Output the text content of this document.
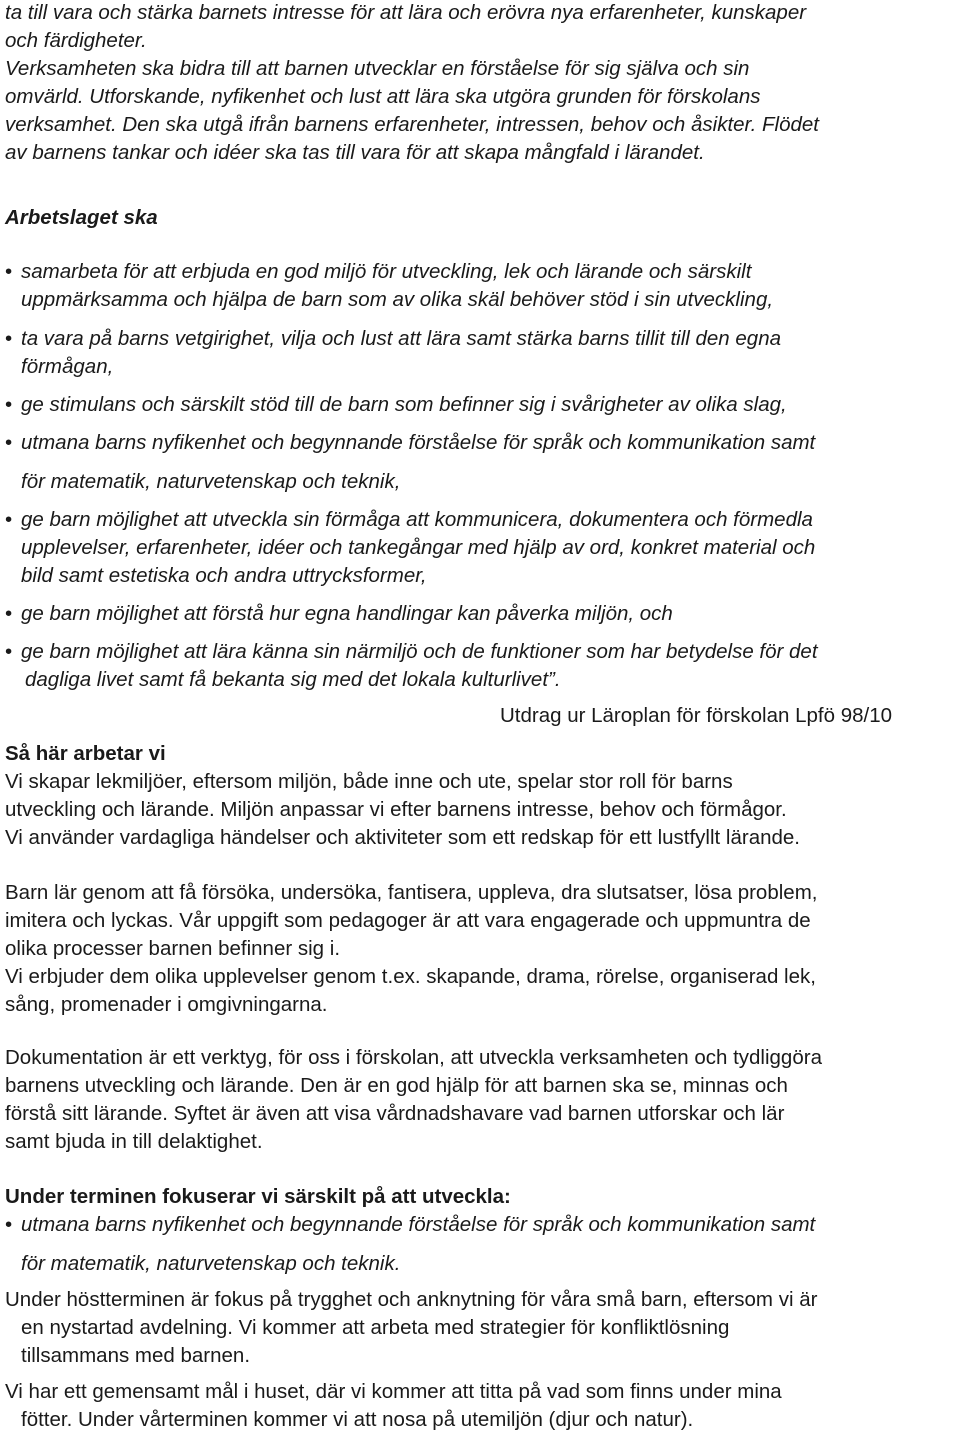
ta till vara och stärka barnets intresse för att lära och erövra nya erfarenheter, kunskaper
och färdigheter.
Verksamheten ska bidra till att barnen utvecklar en förståelse för sig själva och sin
omvärld. Utforskande, nyfikenhet och lust att lära ska utgöra grunden för förskolans
verksamhet. Den ska utgå ifrån barnens erfarenheter, intressen, behov och åsikter. Flödet
av barnens tankar och idéer ska tas till vara för att skapa mångfald i lärandet.
Arbetslaget ska
• samarbeta för att erbjuda en god miljö för utveckling, lek och lärande och särskilt
uppmärksamma och hjälpa de barn som av olika skäl behöver stöd i sin utveckling,
• ta vara på barns vetgirighet, vilja och lust att lära samt stärka barns tillit till den egna
förmågan,
• ge stimulans och särskilt stöd till de barn som befinner sig i svårigheter av olika slag,
• utmana barns nyfikenhet och begynnande förståelse för språk och kommunikation samt
för matematik, naturvetenskap och teknik,
• ge barn möjlighet att utveckla sin förmåga att kommunicera, dokumentera och förmedla
upplevelser, erfarenheter, idéer och tankegångar med hjälp av ord, konkret material och
bild samt estetiska och andra uttrycksformer,
• ge barn möjlighet att förstå hur egna handlingar kan påverka miljön, och
• ge barn möjlighet att lära känna sin närmiljö och de funktioner som har betydelse för det
dagliga livet samt få bekanta sig med det lokala kulturlivet”.
Utdrag ur Läroplan för förskolan Lpfö 98/10
Så här arbetar vi
Vi skapar lekmiljöer, eftersom miljön, både inne och ute, spelar stor roll för barns
utveckling och lärande. Miljön anpassar vi efter barnens intresse, behov och förmågor.
Vi använder vardagliga händelser och aktiviteter som ett redskap för ett lustfyllt lärande.
Barn lär genom att få försöka, undersöka, fantisera, uppleva, dra slutsatser, lösa problem,
imitera och lyckas. Vår uppgift som pedagoger är att vara engagerade och uppmuntra de
olika processer barnen befinner sig i.
Vi erbjuder dem olika upplevelser genom t.ex. skapande, drama, rörelse, organiserad lek,
sång, promenader i omgivningarna.
Dokumentation är ett verktyg, för oss i förskolan, att utveckla verksamheten och tydliggöra
barnens utveckling och lärande. Den är en god hjälp för att barnen ska se, minnas och
förstå sitt lärande. Syftet är även att visa vårdnadshavare vad barnen utforskar och lär
samt bjuda in till delaktighet.
Under terminen fokuserar vi särskilt på att utveckla:
• utmana barns nyfikenhet och begynnande förståelse för språk och kommunikation samt
för matematik, naturvetenskap och teknik.
Under höstterminen är fokus på trygghet och anknytning för våra små barn, eftersom vi är
en nystartad avdelning. Vi kommer att arbeta med strategier för konfliktlösning
tillsammans med barnen.
Vi har ett gemensamt mål i huset, där vi kommer att titta på vad som finns under mina
fötter. Under vårterminen kommer vi att nosa på utemiljön (djur och natur).
